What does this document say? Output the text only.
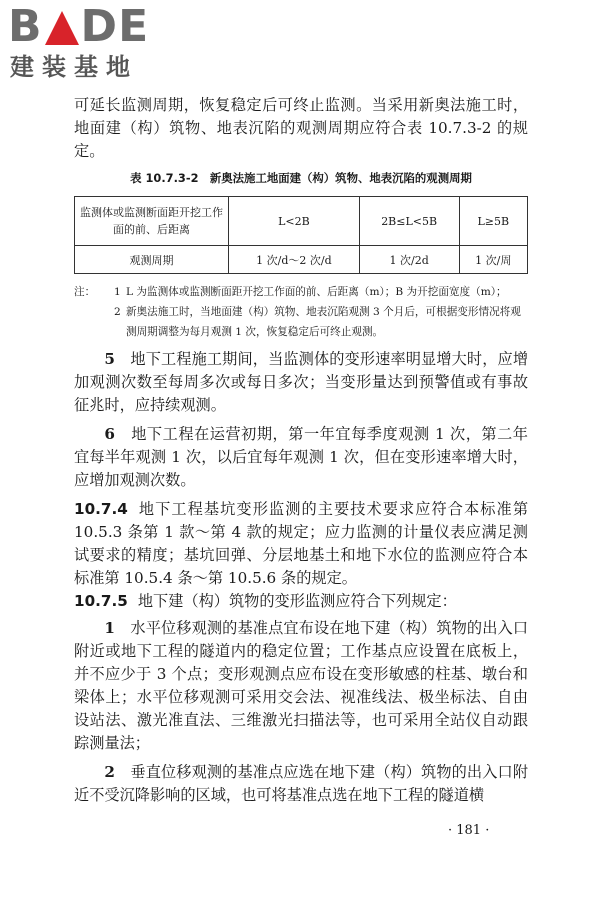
B DE
建装基地

可延长监测周期，恢复稳定后可终止监测。当采用新奥法施工时，地面建（构）筑物、地表沉陷的观测周期应符合表 10.7.3-2 的规定。

表 10.7.3-2　新奥法施工地面建（构）筑物、地表沉陷的观测周期
监测体或监测断面距开挖工作面的前、后距离	L<2B	2B≤L<5B	L≥5B
观测周期	1 次/d～2 次/d	1 次/2d	1 次/周
注：	1 L 为监测体或监测断面距开挖工作面的前、后距离（m）；B 为开挖面宽度（m）；
2 新奥法施工时，当地面建（构）筑物、地表沉陷观测 3 个月后，可根据变形情况将观测周期调整为每月观测 1 次，恢复稳定后可终止观测。

5　 地下工程施工期间，当监测体的变形速率明显增大时，应增加观测次数至每周多次或每日多次；当变形量达到预警值或有事故征兆时，应持续观测。

6　 地下工程在运营初期，第一年宜每季度观测 1 次，第二年宜每半年观测 1 次，以后宜每年观测 1 次，但在变形速率增大时，应增加观测次数。

10.7.4 地下工程基坑变形监测的主要技术要求应符合本标准第 10.5.3 条第 1 款～第 4 款的规定；应力监测的计量仪表应满足测试要求的精度；基坑回弹、分层地基土和地下水位的监测应符合本标准第 10.5.4 条～第 10.5.6 条的规定。

10.7.5 地下建（构）筑物的变形监测应符合下列规定：

1　 水平位移观测的基准点宜布设在地下建（构）筑物的出入口附近或地下工程的隧道内的稳定位置；工作基点应设置在底板上，并不应少于 3 个点；变形观测点应布设在变形敏感的柱基、墩台和梁体上；水平位移观测可采用交会法、视准线法、极坐标法、自由设站法、激光准直法、三维激光扫描法等，也可采用全站仪自动跟踪测量法；

2　 垂直位移观测的基准点应选在地下建（构）筑物的出入口附近不受沉降影响的区域，也可将基准点选在地下工程的隧道横

· 181 ·
